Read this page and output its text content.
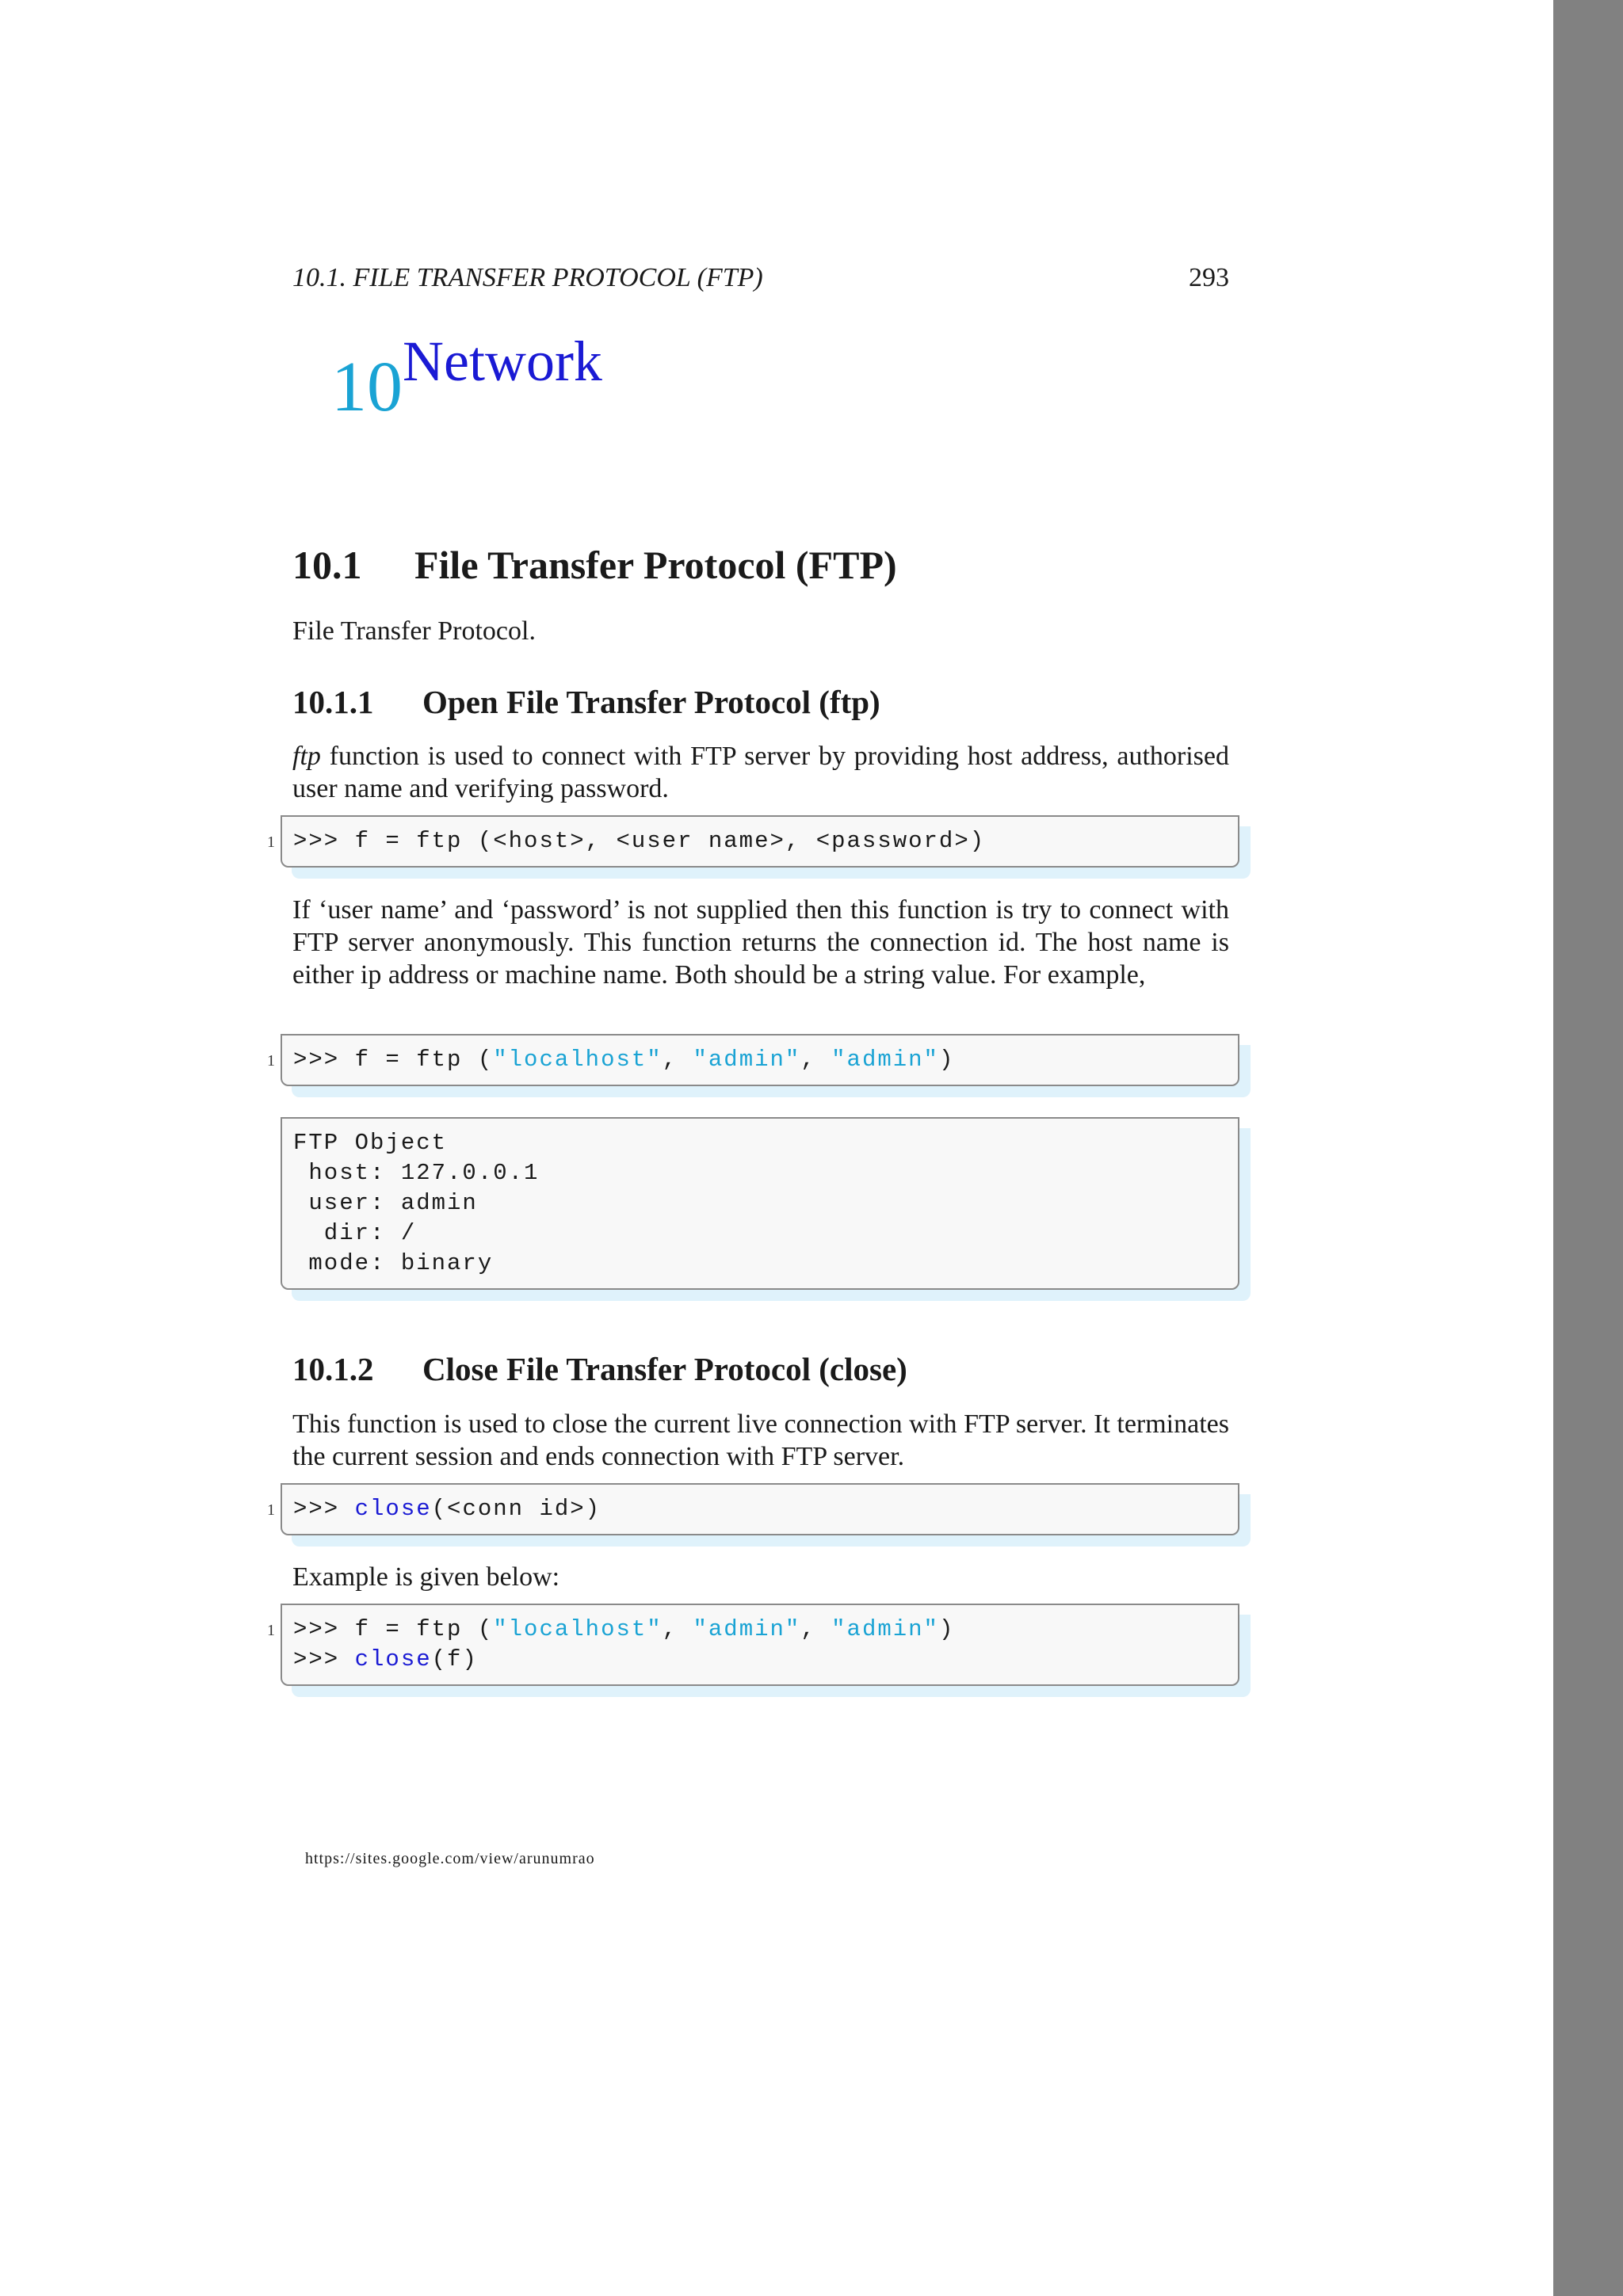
10.1. FILE TRANSFER PROTOCOL (FTP)	293
10 Network
10.1 File Transfer Protocol (FTP)
File Transfer Protocol.
10.1.1 Open File Transfer Protocol (ftp)
ftp function is used to connect with FTP server by providing host address, authorised user name and verifying password.
1 >>> f = ftp (<host>, <user name>, <password>)
If ‘user name’ and ‘password’ is not supplied then this function is try to connect with FTP server anonymously. This function returns the connection id. The host name is either ip address or machine name. Both should be a string value. For example,
1 >>> f = ftp ("localhost", "admin", "admin")
FTP Object
host: 127.0.0.1
user: admin
dir: /
mode: binary
10.1.2 Close File Transfer Protocol (close)
This function is used to close the current live connection with FTP server. It terminates the current session and ends connection with FTP server.
1 >>> close(<conn id>)
Example is given below:
1 >>> f = ftp ("localhost", "admin", "admin")
>>> close(f)
https://sites.google.com/view/arunumrao
